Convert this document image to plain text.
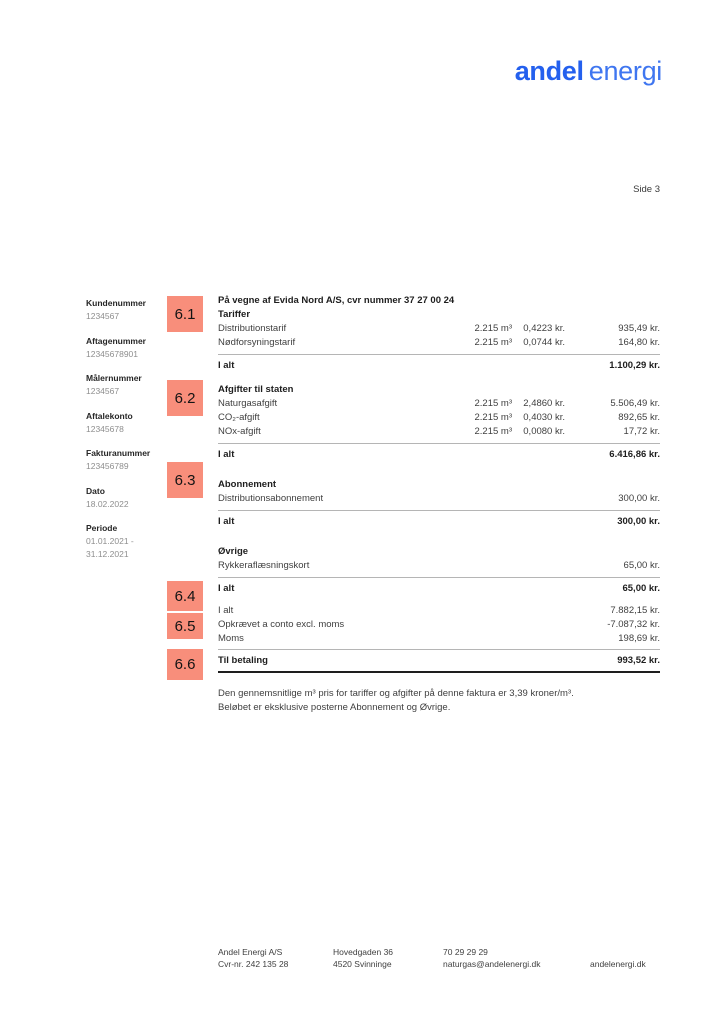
andel energi
Side 3
Kundenummer
1234567
Aftagenummer
12345678901
Målernummer
1234567
Aftalekonto
12345678
Fakturanummer
123456789
Dato
18.02.2022
Periode
01.01.2021 -
31.12.2021
6.1
6.2
6.3
6.4
6.5
6.6
På vegne af Evida Nord A/S, cvr nummer 37 27 00 24
Tariffer
Distributionstarif	2.215 m³	0,4223 kr.	935,49 kr.
Nødforsyningstarif	2.215 m³	0,0744 kr.	164,80 kr.
I alt	1.100,29 kr.
Afgifter til staten
Naturgasafgift	2.215 m³	2,4860 kr.	5.506,49 kr.
CO₂-afgift	2.215 m³	0,4030 kr.	892,65 kr.
NOx-afgift	2.215 m³	0,0080 kr.	17,72 kr.
I alt	6.416,86 kr.
Abonnement
Distributionsabonnement	300,00 kr.
I alt	300,00 kr.
Øvrige
Rykkeraflæsningskort	65,00 kr.
I alt	65,00 kr.
I alt	7.882,15 kr.
Opkrævet a conto excl. moms	-7.087,32 kr.
Moms	198,69 kr.
Til betaling	993,52 kr.
Den gennemsnitlige m³ pris for tariffer og afgifter på denne faktura er 3,39 kroner/m³.
Beløbet er eksklusive posterne Abonnement og Øvrige.
Andel Energi A/S
Cvr-nr. 242 135 28
Hovedgaden 36
4520 Svinninge
70 29 29 29
naturgas@andelenergi.dk	andelenergi.dk
